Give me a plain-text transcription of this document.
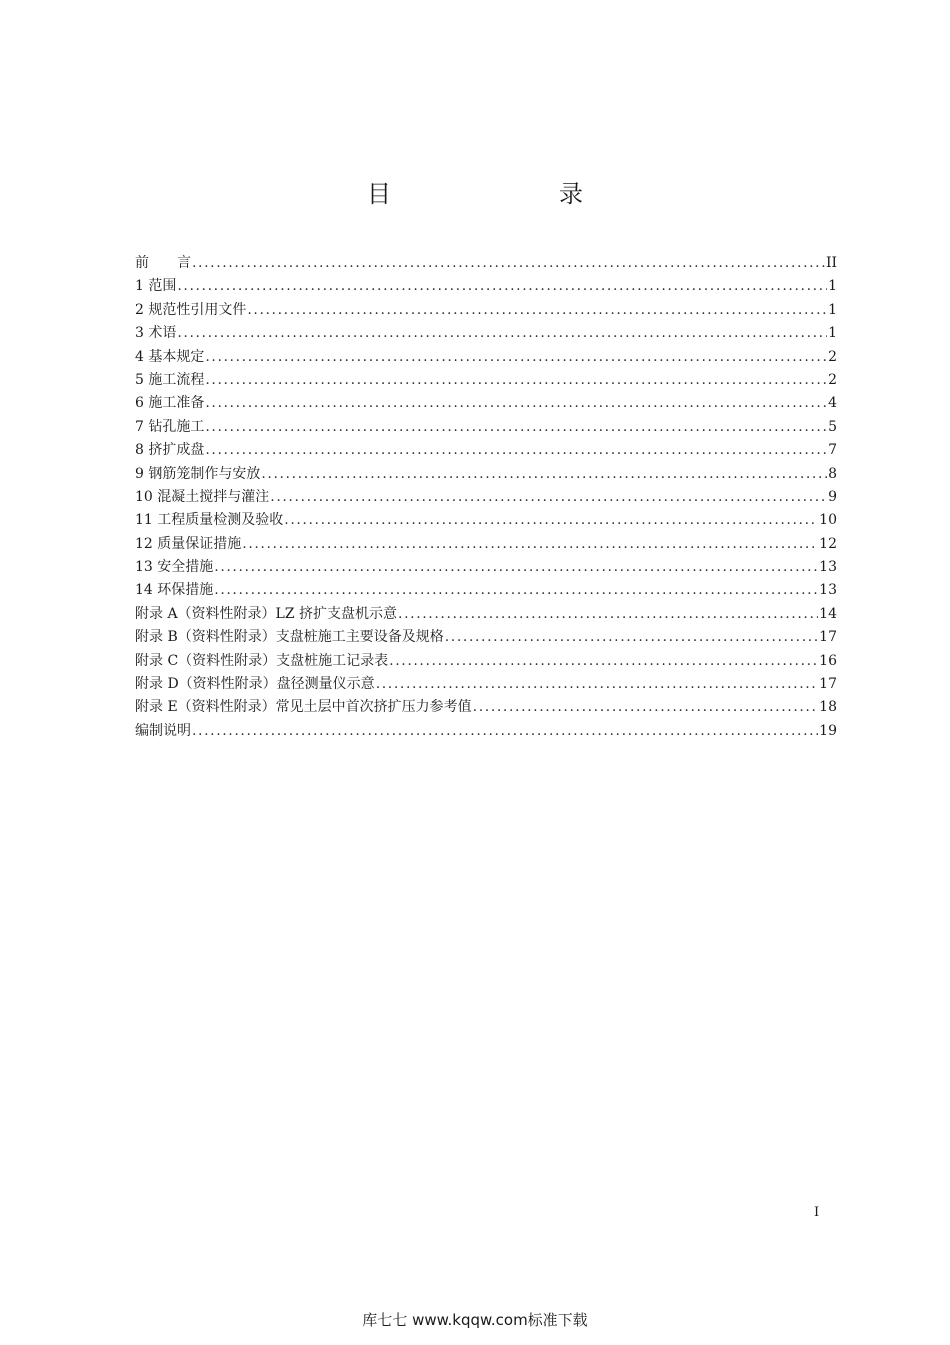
目　　录
前　　言 .....	II
1 范围 .....	1
2 规范性引用文件 .....	1
3 术语 .....	1
4 基本规定 .....	2
5 施工流程 .....	2
6 施工准备 .....	4
7 钻孔施工 .....	5
8 挤扩成盘 .....	7
9 钢筋笼制作与安放 .....	8
10 混凝土搅拌与灌注 .....	9
11 工程质量检测及验收 .....	10
12 质量保证措施 .....	12
13 安全措施 .....	13
14 环保措施 .....	13
附录 A（资料性附录）LZ 挤扩支盘机示意 .....	14
附录 B（资料性附录）支盘桩施工主要设备及规格 .....	17
附录 C（资料性附录）支盘桩施工记录表 .....	16
附录 D（资料性附录）盘径测量仪示意 .....	17
附录 E（资料性附录）常见土层中首次挤扩压力参考值 .....	18
编制说明 .....	19
I
库七七 www.kqqw.com标准下载
